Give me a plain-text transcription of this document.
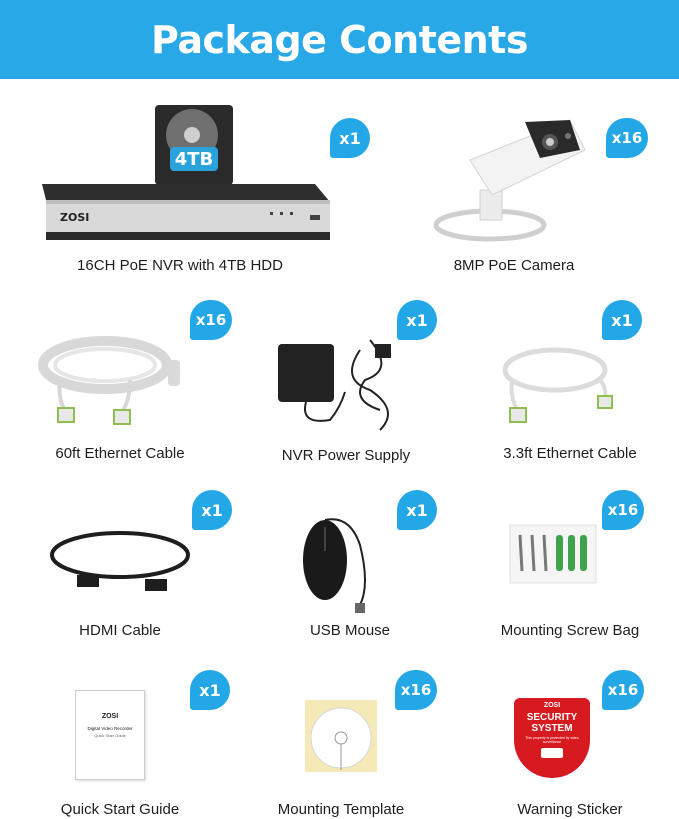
Package Contents
4TB
ZOSI
x1
16CH PoE NVR with 4TB HDD
x16
8MP PoE Camera
x16
60ft Ethernet Cable
x1
NVR Power Supply
x1
3.3ft Ethernet Cable
x1
HDMI Cable
x1
USB Mouse
x16
Mounting Screw Bag
ZOSI
Digital Video Recorder
Quick Start Guide
x1
Quick Start Guide
x16
Mounting Template
ZOSI
SECURITY
SYSTEM
This property is protected by video surveillance
x16
Warning Sticker
